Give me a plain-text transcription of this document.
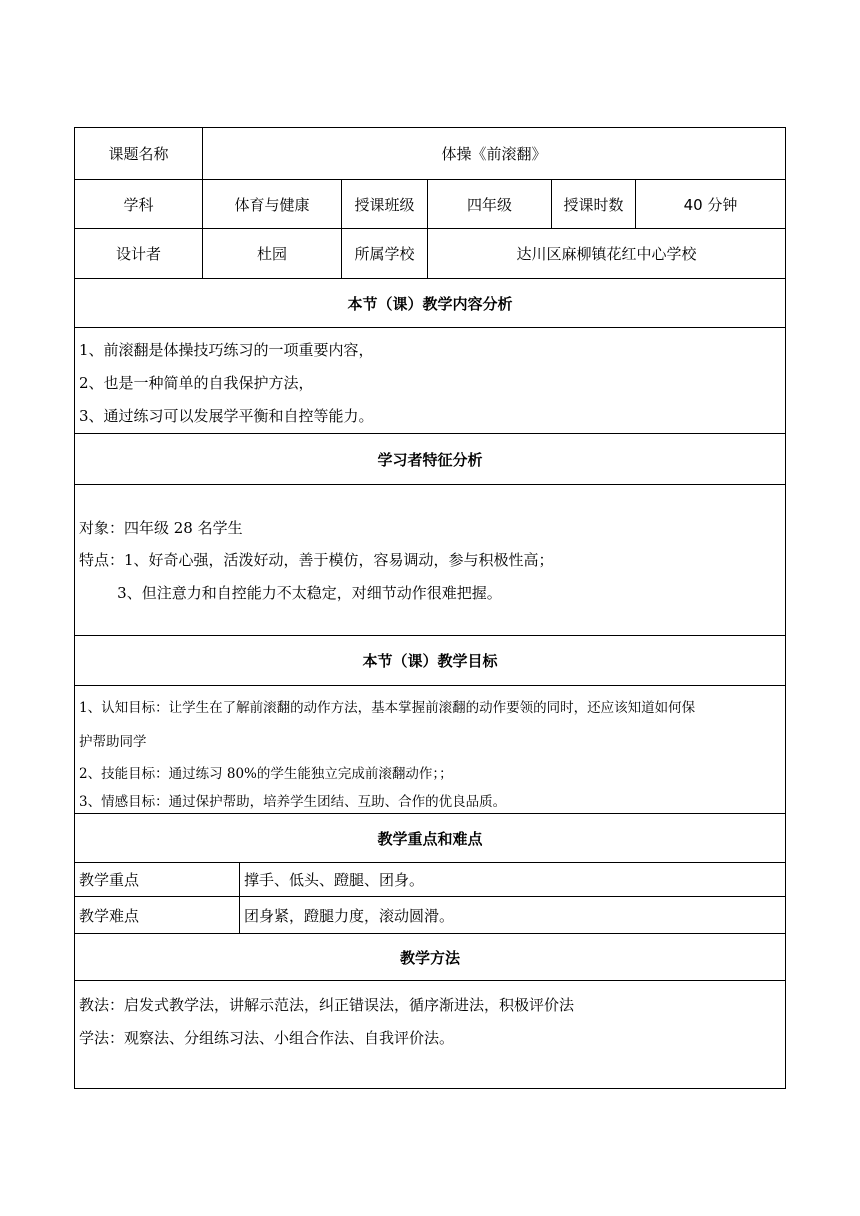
课题名称	体操《前滚翻》
学科	体育与健康	授课班级	四年级	授课时数	40 分钟
设计者	杜园	所属学校	达川区麻柳镇花红中心学校
本节（课）教学内容分析
1、前滚翻是体操技巧练习的一项重要内容，
2、也是一种简单的自我保护方法，
3、通过练习可以发展学平衡和自控等能力。
学习者特征分析
对象：四年级 28 名学生
特点：1、好奇心强，活泼好动，善于模仿，容易调动，参与积极性高；
3、但注意力和自控能力不太稳定，对细节动作很难把握。
本节（课）教学目标
1、认知目标：让学生在了解前滚翻的动作方法，基本掌握前滚翻的动作要领的同时，还应该知道如何保
护帮助同学
2、技能目标：通过练习 80%的学生能独立完成前滚翻动作；；
3、情感目标：通过保护帮助，培养学生团结、互助、合作的优良品质。
教学重点和难点
教学重点	撑手、低头、蹬腿、团身。
教学难点	团身紧，蹬腿力度，滚动圆滑。
教学方法
教法：启发式教学法，讲解示范法，纠正错误法，循序渐进法，积极评价法
学法：观察法、分组练习法、小组合作法、自我评价法。
